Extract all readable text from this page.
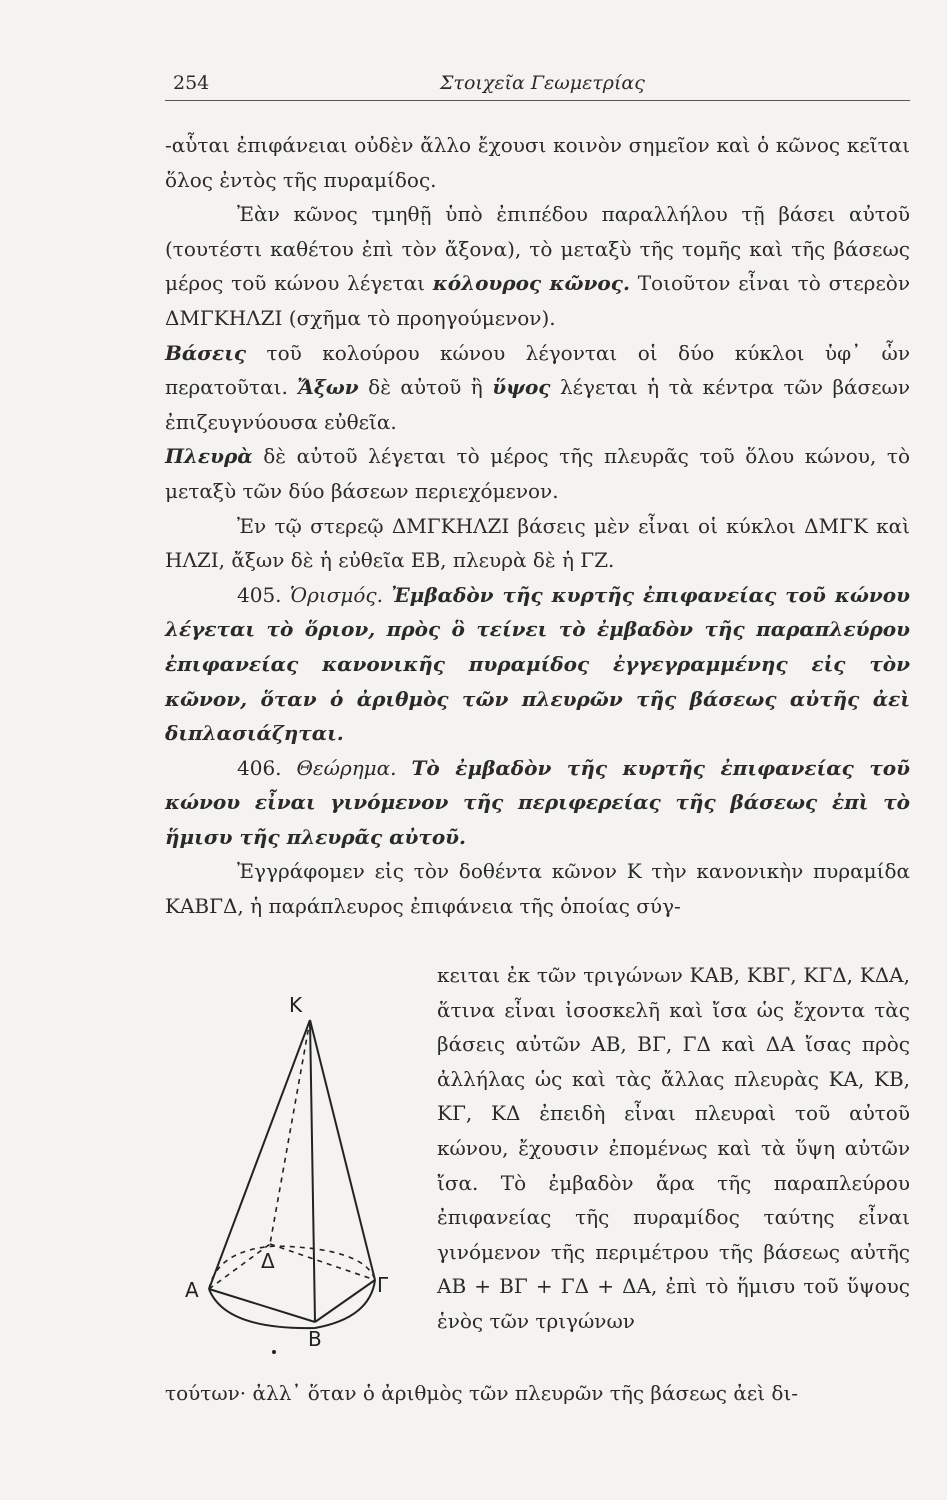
254	Στοιχεῖα Γεωμετρίας

-αὗται ἐπιφάνειαι οὐδὲν ἄλλο ἔχουσι κοινὸν σημεῖον καὶ ὁ κῶνος κεῖται ὅλος ἐντὸς τῆς πυραμίδος.

Ἐὰν κῶνος τμηθῇ ὑπὸ ἐπιπέδου παραλλήλου τῇ βάσει αὐτοῦ (τουτέστι καθέτου ἐπὶ τὸν ἄξονα), τὸ μεταξὺ τῆς τομῆς καὶ τῆς βάσεως μέρος τοῦ κώνου λέγεται κόλουρος κῶνος. Τοιοῦτον εἶναι τὸ στερεὸν ΔΜΓΚΗΛΖΙ (σχῆμα τὸ προηγούμενον).

Βάσεις τοῦ κολούρου κώνου λέγονται οἱ δύο κύκλοι ὑφ᾽ ὧν περατοῦται. Ἄξων δὲ αὐτοῦ ἢ ὕψος λέγεται ἡ τὰ κέντρα τῶν βάσεων ἐπιζευγνύουσα εὐθεῖα.

Πλευρὰ δὲ αὐτοῦ λέγεται τὸ μέρος τῆς πλευρᾶς τοῦ ὅλου κώνου, τὸ μεταξὺ τῶν δύο βάσεων περιεχόμενον.

Ἐν τῷ στερεῷ ΔΜΓΚΗΛΖΙ βάσεις μὲν εἶναι οἱ κύκλοι ΔΜΓΚ καὶ ΗΛΖΙ, ἄξων δὲ ἡ εὐθεῖα ΕΒ, πλευρὰ δὲ ἡ ΓΖ.

405. Ὁρισμός. Ἐμβαδὸν τῆς κυρτῆς ἐπιφανείας τοῦ κώνου λέγεται τὸ ὅριον, πρὸς ὃ τείνει τὸ ἐμβαδὸν τῆς παραπλεύρου ἐπιφανείας κανονικῆς πυραμίδος ἐγγεγραμμένης εἰς τὸν κῶνον, ὅταν ὁ ἀριθμὸς τῶν πλευρῶν τῆς βάσεως αὐτῆς ἀεὶ διπλασιάζηται.

406. Θεώρημα. Τὸ ἐμβαδὸν τῆς κυρτῆς ἐπιφανείας τοῦ κώνου εἶναι γινόμενον τῆς περιφερείας τῆς βάσεως ἐπὶ τὸ ἥμισυ τῆς πλευρᾶς αὐτοῦ.

Ἐγγράφομεν εἰς τὸν δοθέντα κῶνον Κ τὴν κανονικὴν πυραμίδα ΚΑΒΓΔ, ἡ παράπλευρος ἐπιφάνεια τῆς ὁποίας σύγ-

κειται ἐκ τῶν τριγώνων ΚΑΒ, ΚΒΓ, ΚΓΔ, ΚΔΑ, ἅτινα εἶναι ἰσοσκελῆ καὶ ἴσα ὡς ἔχοντα τὰς βάσεις αὐτῶν ΑΒ, ΒΓ, ΓΔ καὶ ΔΑ ἴσας πρὸς ἀλλήλας ὡς καὶ τὰς ἄλλας πλευρὰς ΚΑ, ΚΒ, ΚΓ, ΚΔ ἐπειδὴ εἶναι πλευραὶ τοῦ αὐτοῦ κώνου, ἔχουσιν ἐπομένως καὶ τὰ ὕψη αὐτῶν ἴσα. Τὸ ἐμβαδὸν ἄρα τῆς παραπλεύρου ἐπιφανείας τῆς πυραμίδος ταύτης εἶναι γινόμενον τῆς περιμέτρου τῆς βάσεως αὐτῆς ΑΒ + ΒΓ + ΓΔ + ΔΑ, ἐπὶ τὸ ἥμισυ τοῦ ὕψους ἑνὸς τῶν τριγώνων

τούτων· ἀλλ᾽ ὅταν ὁ ἀριθμὸς τῶν πλευρῶν τῆς βάσεως ἀεὶ δι-
Κ
Α
Β
Γ
Δ
